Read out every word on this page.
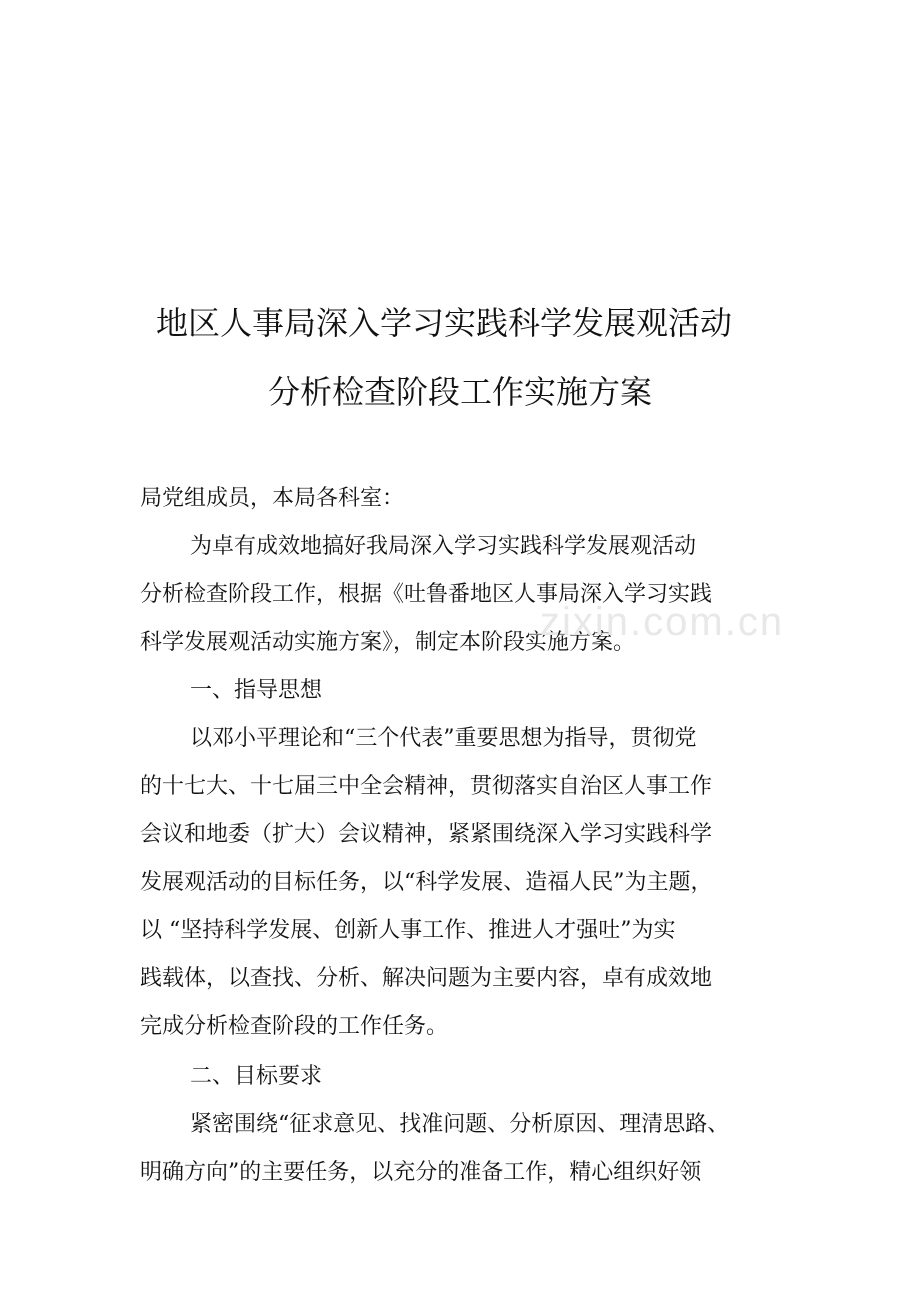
地区人事局深入学习实践科学发展观活动
分析检查阶段工作实施方案
局党组成员，本局各科室：
为卓有成效地搞好我局深入学习实践科学发展观活动
分析检查阶段工作，根据《吐鲁番地区人事局深入学习实践
科学发展观活动实施方案》，制定本阶段实施方案。
一、指导思想
以邓小平理论和“三个代表”重要思想为指导，贯彻党
的十七大、十七届三中全会精神，贯彻落实自治区人事工作
会议和地委（扩大）会议精神，紧紧围绕深入学习实践科学
发展观活动的目标任务，以“科学发展、造福人民”为主题，
以 “坚持科学发展、创新人事工作、推进人才强吐”为实
践载体，以查找、分析、解决问题为主要内容，卓有成效地
完成分析检查阶段的工作任务。
二、目标要求
紧密围绕“征求意见、找准问题、分析原因、理清思路、
明确方向”的主要任务，以充分的准备工作，精心组织好领
zixin.com.cn
